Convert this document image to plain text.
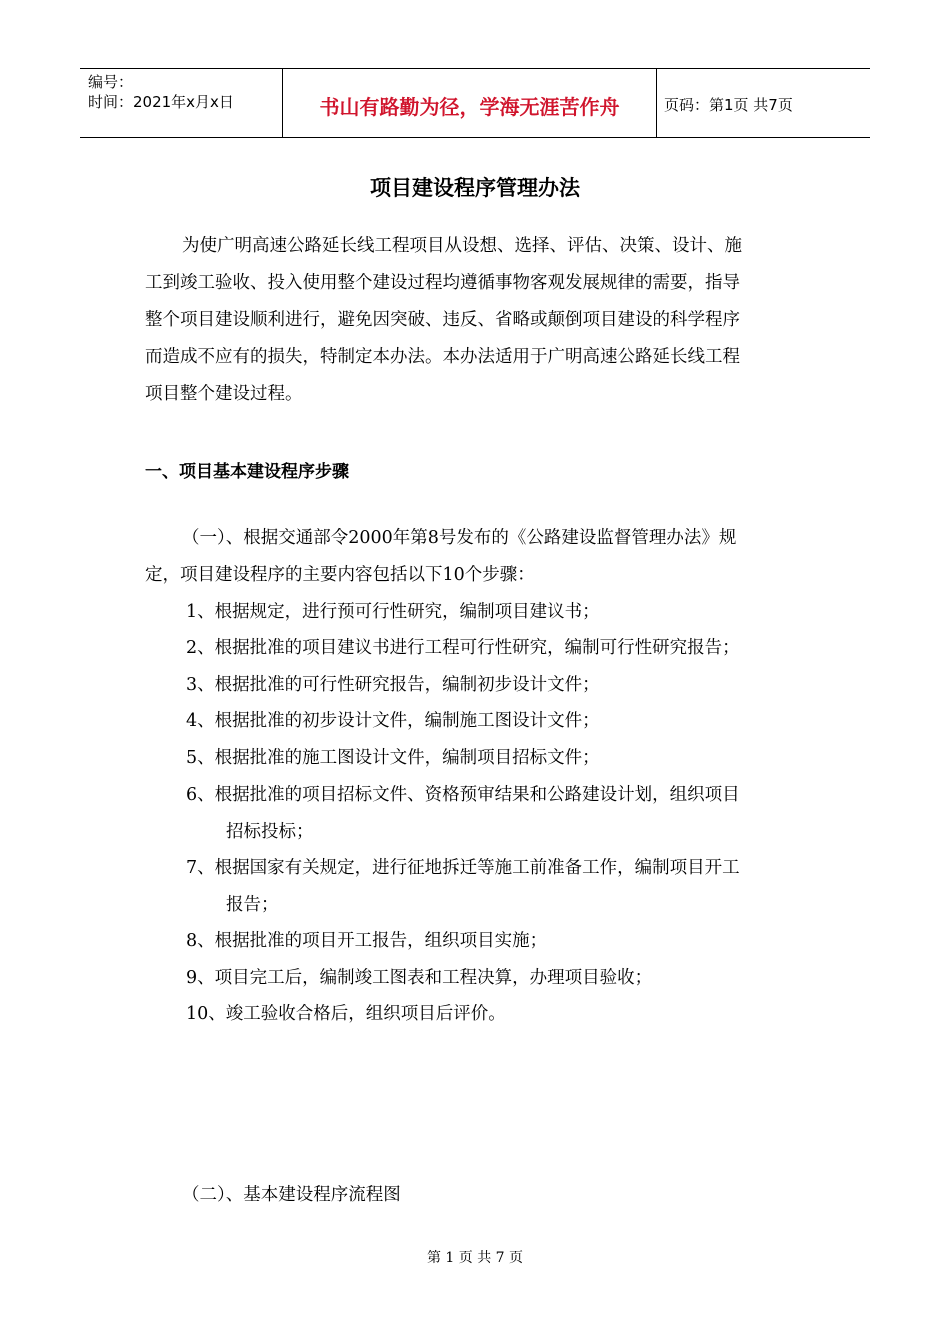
编号：
时间：2021年x月x日	书山有路勤为径，学海无涯苦作舟	页码：第1页 共7页
项目建设程序管理办法
为使广明高速公路延长线工程项目从设想、选择、评估、决策、设计、施
工到竣工验收、投入使用整个建设过程均遵循事物客观发展规律的需要，指导
整个项目建设顺利进行，避免因突破、违反、省略或颠倒项目建设的科学程序
而造成不应有的损失，特制定本办法。本办法适用于广明高速公路延长线工程
项目整个建设过程。
一、项目基本建设程序步骤
（一）、根据交通部令2000年第8号发布的《公路建设监督管理办法》规
定，项目建设程序的主要内容包括以下10个步骤：
1、根据规定，进行预可行性研究，编制项目建议书；
2、根据批准的项目建议书进行工程可行性研究，编制可行性研究报告；
3、根据批准的可行性研究报告，编制初步设计文件；
4、根据批准的初步设计文件，编制施工图设计文件；
5、根据批准的施工图设计文件，编制项目招标文件；
6、根据批准的项目招标文件、资格预审结果和公路建设计划，组织项目
招标投标；
7、根据国家有关规定，进行征地拆迁等施工前准备工作，编制项目开工
报告；
8、根据批准的项目开工报告，组织项目实施；
9、项目完工后，编制竣工图表和工程决算，办理项目验收；
10、竣工验收合格后，组织项目后评价。
（二）、基本建设程序流程图
第 1 页 共 7 页
